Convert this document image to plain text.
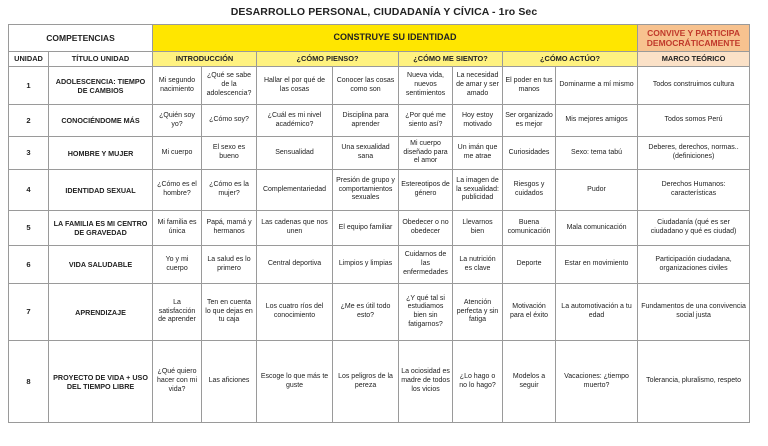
DESARROLLO PERSONAL, CIUDADANÍA Y CÍVICA - 1ro Sec
COMPETENCIAS		CONSTRUYE SU IDENTIDAD								CONVIVE Y PARTICIPA DEMOCRÁTICAMENTE
UNIDAD	TÍTULO UNIDAD	INTRODUCCIÓN		¿CÓMO PIENSO?		¿CÓMO ME SIENTO?		¿CÓMO ACTÚO?		MARCO TEÓRICO
1	ADOLESCENCIA: TIEMPO DE CAMBIOS	Mi segundo nacimiento	¿Qué se sabe de la adolescencia?	Hallar el por qué de las cosas	Conocer las cosas como son	Nueva vida, nuevos sentimientos	La necesidad de amar y ser amado	El poder en tus manos	Dominarme a mí mismo	Todos construimos cultura
2	CONOCIÉNDOME MÁS	¿Quién soy yo?	¿Cómo soy?	¿Cuál es mi nivel académico?	Disciplina para aprender	¿Por qué me siento así?	Hoy estoy motivado	Ser organizado es mejor	Mis mejores amigos	Todos somos Perú
3	HOMBRE Y MUJER	Mi cuerpo	El sexo es bueno	Sensualidad	Una sexualidad sana	Mi cuerpo diseñado para el amor	Un imán que me atrae	Curiosidades	Sexo: tema tabú	Deberes, derechos, normas.. (definiciones)
4	IDENTIDAD SEXUAL	¿Cómo es el hombre?	¿Cómo es la mujer?	Complementariedad	Presión de grupo y comportamientos sexuales	Estereotipos de género	La imagen de la sexualidad: publicidad	Riesgos y cuidados	Pudor	Derechos Humanos: características
5	LA FAMILIA ES MI CENTRO DE GRAVEDAD	Mi familia es única	Papá, mamá y hermanos	Las cadenas que nos unen	El equipo familiar	Obedecer o no obedecer	Llevarnos bien	Buena comunicación	Mala comunicación	Ciudadanía (qué es ser ciudadano y qué es ciudad)
6	VIDA SALUDABLE	Yo y mi cuerpo	La salud es lo primero	Central deportiva	Limpios y limpias	Cuidarnos de las enfermedades	La nutrición es clave	Deporte	Estar en movimiento	Participación ciudadana, organizaciones civiles
7	APRENDIZAJE	La satisfacción de aprender	Ten en cuenta lo que dejas en tu caja	Los cuatro ríos del conocimiento	¿Me es útil todo esto?	¿Y qué tal si estudiamos bien sin fatigarnos?	Atención perfecta y sin fatiga	Motivación para el éxito	La automotivación a tu edad	Fundamentos de una convivencia social justa
8	PROYECTO DE VIDA + USO DEL TIEMPO LIBRE	¿Qué quiero hacer con mi vida?	Las aficiones	Escoge lo que más te guste	Los peligros de la pereza	La ociosidad es madre de todos los vicios	¿Lo hago o no lo hago?	Modelos a seguir	Vacaciones: ¿tiempo muerto?	Tolerancia, pluralismo, respeto
